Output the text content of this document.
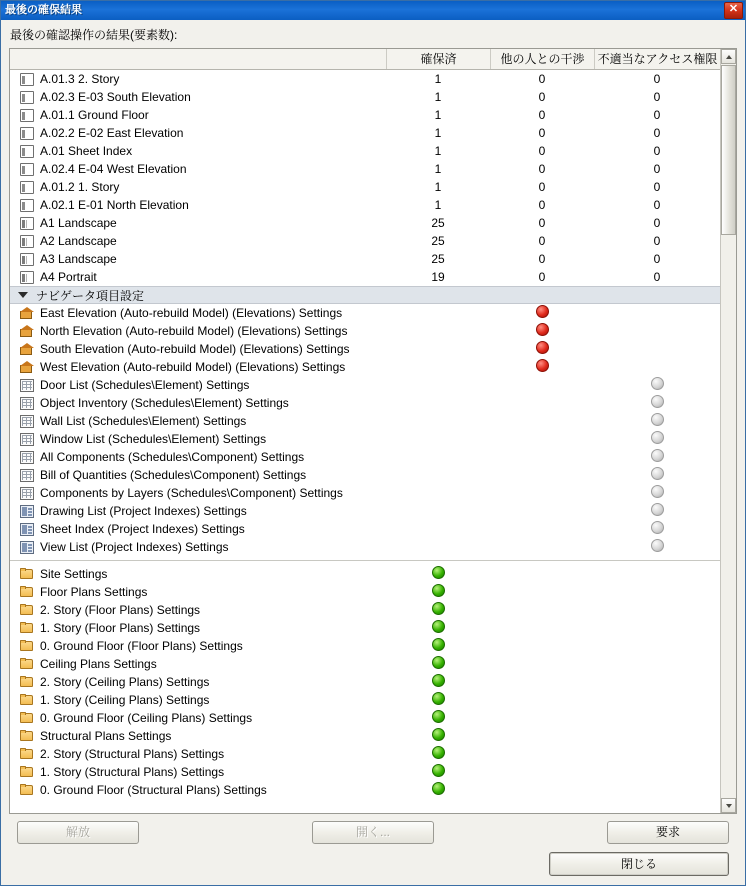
最後の確保結果	✕
最後の確認操作の結果(要素数):
確保済	他の人との干渉	不適当なアクセス権限
A.01.3 2. Story	1	0	0
A.02.3 E-03 South Elevation	1	0	0
A.01.1 Ground Floor	1	0	0
A.02.2 E-02 East Elevation	1	0	0
A.01 Sheet Index	1	0	0
A.02.4 E-04 West Elevation	1	0	0
A.01.2 1. Story	1	0	0
A.02.1 E-01 North Elevation	1	0	0
A1 Landscape	25	0	0
A2 Landscape	25	0	0
A3 Landscape	25	0	0
A4 Portrait	19	0	0
ナビゲータ項目設定
East Elevation (Auto-rebuild Model) (Elevations) Settings
North Elevation (Auto-rebuild Model) (Elevations) Settings
South Elevation (Auto-rebuild Model) (Elevations) Settings
West Elevation (Auto-rebuild Model) (Elevations) Settings
Door List (Schedules\Element) Settings
Object Inventory (Schedules\Element) Settings
Wall List (Schedules\Element) Settings
Window List (Schedules\Element) Settings
All Components (Schedules\Component) Settings
Bill of Quantities (Schedules\Component) Settings
Components by Layers (Schedules\Component) Settings
Drawing List (Project Indexes) Settings
Sheet Index (Project Indexes) Settings
View List (Project Indexes) Settings
Site Settings
Floor Plans Settings
2. Story (Floor Plans) Settings
1. Story (Floor Plans) Settings
0. Ground Floor (Floor Plans) Settings
Ceiling Plans Settings
2. Story (Ceiling Plans) Settings
1. Story (Ceiling Plans) Settings
0. Ground Floor (Ceiling Plans) Settings
Structural Plans Settings
2. Story (Structural Plans) Settings
1. Story (Structural Plans) Settings
0. Ground Floor (Structural Plans) Settings
解放	開く...	要求
閉じる
